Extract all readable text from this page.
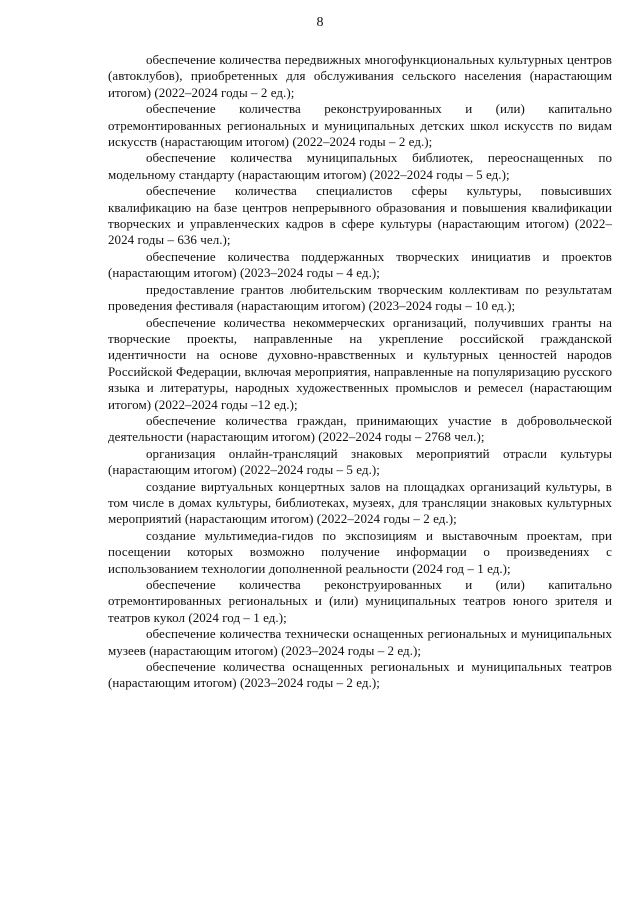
8

обеспечение количества передвижных многофункциональных культурных центров (автоклубов), приобретенных для обслуживания сельского населения (нарастающим итогом) (2022–2024 годы – 2 ед.);

обеспечение количества реконструированных и (или) капитально отремонтированных региональных и муниципальных детских школ искусств по видам искусств (нарастающим итогом) (2022–2024 годы – 2 ед.);

обеспечение количества муниципальных библиотек, переоснащенных по модельному стандарту (нарастающим итогом) (2022–2024 годы – 5 ед.);

обеспечение количества специалистов сферы культуры, повысивших квалификацию на базе центров непрерывного образования и повышения квалификации творческих и управленческих кадров в сфере культуры (нарастающим итогом) (2022–2024 годы – 636 чел.);

обеспечение количества поддержанных творческих инициатив и проектов (нарастающим итогом) (2023–2024 годы – 4 ед.);

предоставление грантов любительским творческим коллективам по результатам проведения фестиваля (нарастающим итогом) (2023–2024 годы – 10 ед.);

обеспечение количества некоммерческих организаций, получивших гранты на творческие проекты, направленные на укрепление российской гражданской идентичности на основе духовно-нравственных и культурных ценностей народов Российской Федерации, включая мероприятия, направленные на популяризацию русского языка и литературы, народных художественных промыслов и ремесел (нарастающим итогом) (2022–2024 годы –12 ед.);

обеспечение количества граждан, принимающих участие в добровольческой деятельности (нарастающим итогом) (2022–2024 годы – 2768 чел.);

организация онлайн-трансляций знаковых мероприятий отрасли культуры (нарастающим итогом) (2022–2024 годы – 5 ед.);

создание виртуальных концертных залов на площадках организаций культуры, в том числе в домах культуры, библиотеках, музеях, для трансляции знаковых культурных мероприятий (нарастающим итогом) (2022–2024 годы – 2 ед.);

создание мультимедиа-гидов по экспозициям и выставочным проектам, при посещении которых возможно получение информации о произведениях с использованием технологии дополненной реальности (2024 год – 1 ед.);

обеспечение количества реконструированных и (или) капитально отремонтированных региональных и (или) муниципальных театров юного зрителя и театров кукол (2024 год – 1 ед.);

обеспечение количества технически оснащенных региональных и муниципальных музеев (нарастающим итогом) (2023–2024 годы – 2 ед.);

обеспечение количества оснащенных региональных и муниципальных театров (нарастающим итогом) (2023–2024 годы – 2 ед.);
